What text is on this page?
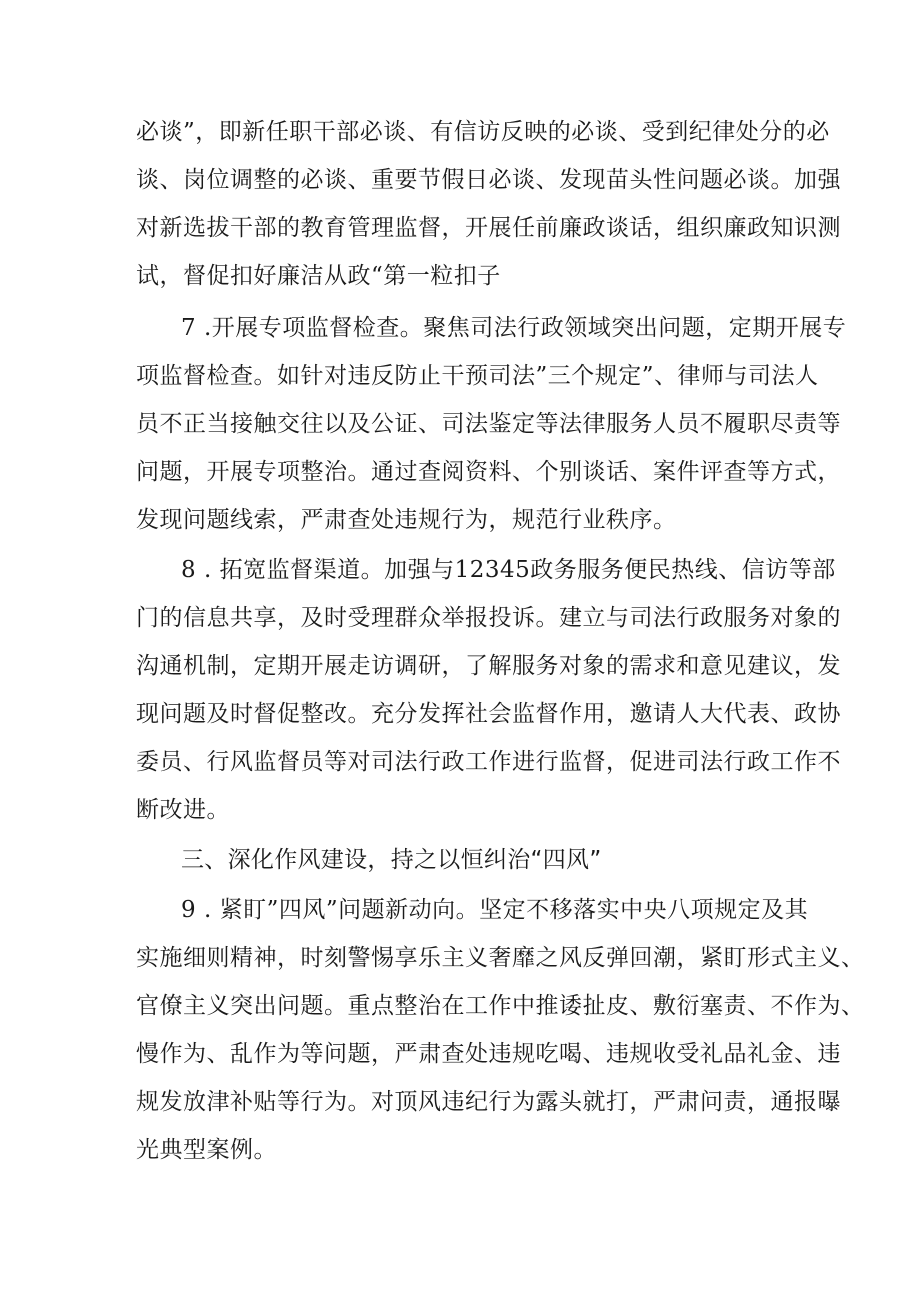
必谈”，即新任职干部必谈、有信访反映的必谈、受到纪律处分的必
谈、岗位调整的必谈、重要节假日必谈、发现苗头性问题必谈。加强
对新选拔干部的教育管理监督，开展任前廉政谈话，组织廉政知识测
试，督促扣好廉洁从政“第一粒扣子
7 .开展专项监督检查。聚焦司法行政领域突出问题，定期开展专
项监督检查。如针对违反防止干预司法”三个规定”、律师与司法人
员不正当接触交往以及公证、司法鉴定等法律服务人员不履职尽责等
问题，开展专项整治。通过查阅资料、个别谈话、案件评查等方式，
发现问题线索，严肃查处违规行为，规范行业秩序。
8 . 拓宽监督渠道。加强与12345政务服务便民热线、信访等部
门的信息共享，及时受理群众举报投诉。建立与司法行政服务对象的
沟通机制，定期开展走访调研，了解服务对象的需求和意见建议，发
现问题及时督促整改。充分发挥社会监督作用，邀请人大代表、政协
委员、行风监督员等对司法行政工作进行监督，促进司法行政工作不
断改进。
三、深化作风建设，持之以恒纠治“四风”
9 . 紧盯”四风”问题新动向。坚定不移落实中央八项规定及其
实施细则精神，时刻警惕享乐主义奢靡之风反弹回潮，紧盯形式主义、
官僚主义突出问题。重点整治在工作中推诿扯皮、敷衍塞责、不作为、
慢作为、乱作为等问题，严肃查处违规吃喝、违规收受礼品礼金、违
规发放津补贴等行为。对顶风违纪行为露头就打，严肃问责，通报曝
光典型案例。
